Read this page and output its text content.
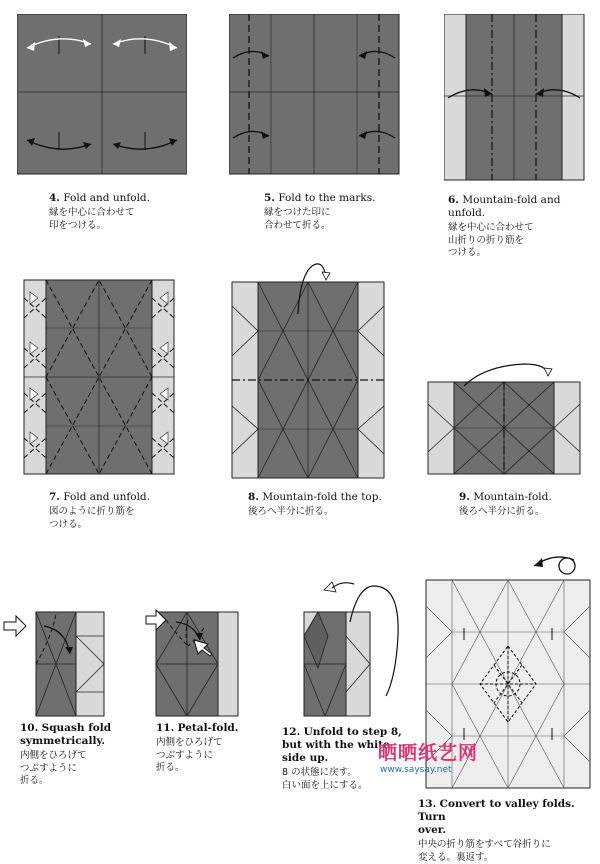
4. Fold and unfold.
縁を中心に合わせて
印をつける。
5. Fold to the marks.
縁をつけた印に
合わせて折る。
6. Mountain-fold and
unfold.
縁を中心に合わせて
山折りの折り筋を
つける。
7. Fold and unfold.
図のように折り筋を
つける。
8. Mountain-fold the top.
後ろへ半分に折る。
9. Mountain-fold.
後ろへ半分に折る。
10. Squash fold
symmetrically.
内側をひろげて
つぶすように
折る。
11. Petal-fold.
内側をひろげて
つぶすように
折る。
12. Unfold to step 8,
but with the white
side up.
8 の状態に戻す。
白い面を上にする。
13. Convert to valley folds. Turn
over.
中央の折り筋をすべて谷折りに
変える。裏返す。
晒晒纸艺网
www.saysay.net
